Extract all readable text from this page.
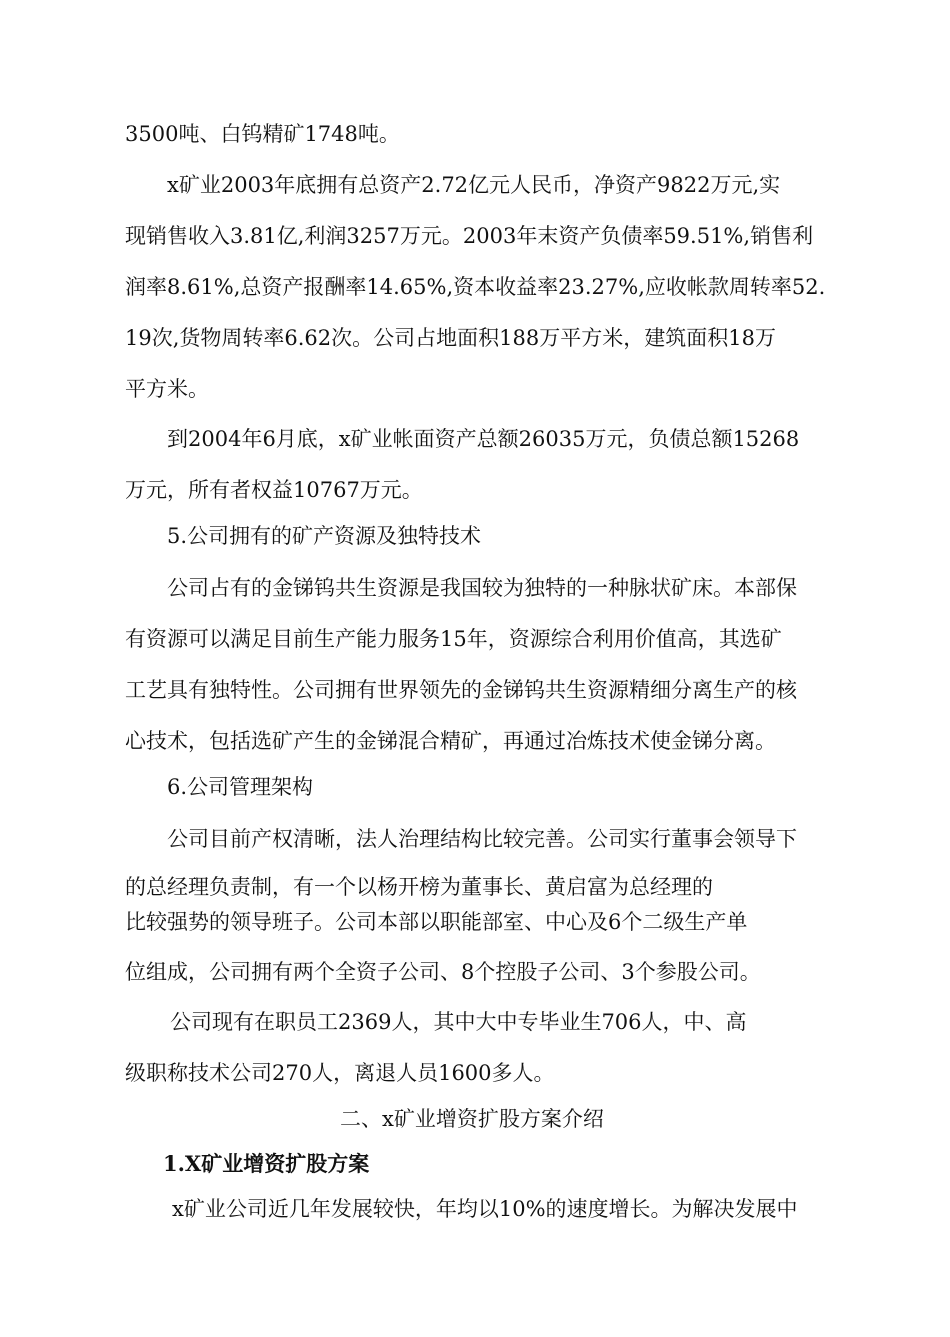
3500吨、白钨精矿1748吨。
x矿业2003年底拥有总资产2.72亿元人民币，净资产9822万元,实
现销售收入3.81亿,利润3257万元。2003年末资产负债率59.51%,销售利
润率8.61%,总资产报酬率14.65%,资本收益率23.27%,应收帐款周转率52.
19次,货物周转率6.62次。公司占地面积188万平方米，建筑面积18万
平方米。
到2004年6月底，x矿业帐面资产总额26035万元，负债总额15268
万元，所有者权益10767万元。
5.公司拥有的矿产资源及独特技术
公司占有的金锑钨共生资源是我国较为独特的一种脉状矿床。本部保
有资源可以满足目前生产能力服务15年，资源综合利用价值高，其选矿
工艺具有独特性。公司拥有世界领先的金锑钨共生资源精细分离生产的核
心技术，包括选矿产生的金锑混合精矿，再通过冶炼技术使金锑分离。
6.公司管理架构
公司目前产权清晰，法人治理结构比较完善。公司实行董事会领导下
的总经理负责制，有一个以杨开榜为董事长、黄启富为总经理的
比较强势的领导班子。公司本部以职能部室、中心及6个二级生产单
位组成，公司拥有两个全资子公司、8个控股子公司、3个参股公司。
公司现有在职员工2369人，其中大中专毕业生706人，中、高
级职称技术公司270人，离退人员1600多人。
二、x矿业增资扩股方案介绍
1.X矿业增资扩股方案
x矿业公司近几年发展较快，年均以10%的速度增长。为解决发展中
